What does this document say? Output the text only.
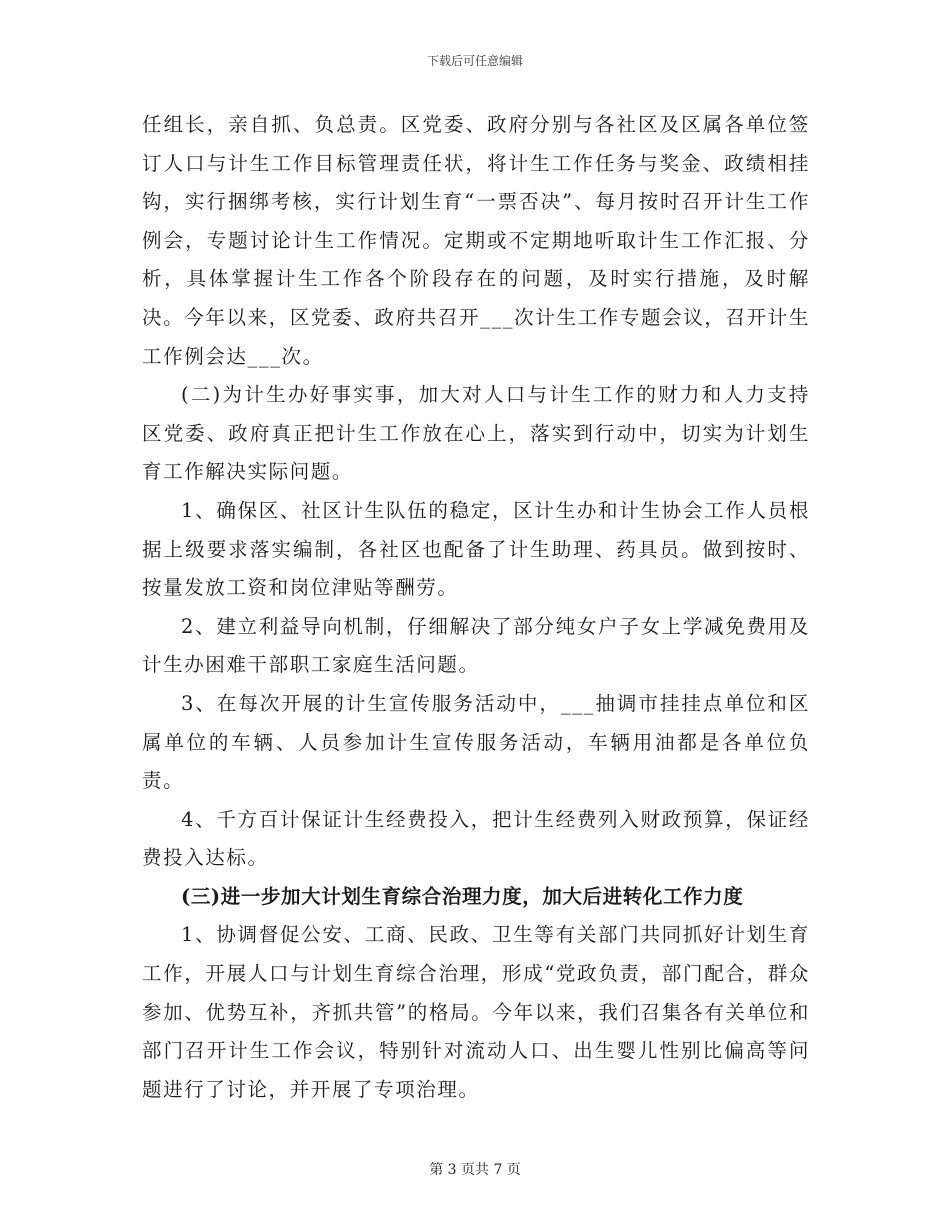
下载后可任意编辑

任组长，亲自抓、负总责。区党委、政府分别与各社区及区属各单位签订人口与计生工作目标管理责任状，将计生工作任务与奖金、政绩相挂钩，实行捆绑考核，实行计划生育“一票否决”、每月按时召开计生工作例会，专题讨论计生工作情况。定期或不定期地听取计生工作汇报、分析，具体掌握计生工作各个阶段存在的问题，及时实行措施，及时解决。今年以来，区党委、政府共召开___次计生工作专题会议，召开计生工作例会达___次。

(二)为计生办好事实事，加大对人口与计生工作的财力和人力支持区党委、政府真正把计生工作放在心上，落实到行动中，切实为计划生育工作解决实际问题。

1、确保区、社区计生队伍的稳定，区计生办和计生协会工作人员根据上级要求落实编制，各社区也配备了计生助理、药具员。做到按时、按量发放工资和岗位津贴等酬劳。

2、建立利益导向机制，仔细解决了部分纯女户子女上学减免费用及计生办困难干部职工家庭生活问题。

3、在每次开展的计生宣传服务活动中，___抽调市挂挂点单位和区属单位的车辆、人员参加计生宣传服务活动，车辆用油都是各单位负责。

4、千方百计保证计生经费投入，把计生经费列入财政预算，保证经费投入达标。

(三)进一步加大计划生育综合治理力度，加大后进转化工作力度

1、协调督促公安、工商、民政、卫生等有关部门共同抓好计划生育工作，开展人口与计划生育综合治理，形成“党政负责，部门配合，群众参加、优势互补，齐抓共管”的格局。今年以来，我们召集各有关单位和部门召开计生工作会议，特别针对流动人口、出生婴儿性别比偏高等问题进行了讨论，并开展了专项治理。

第 3 页共 7 页
